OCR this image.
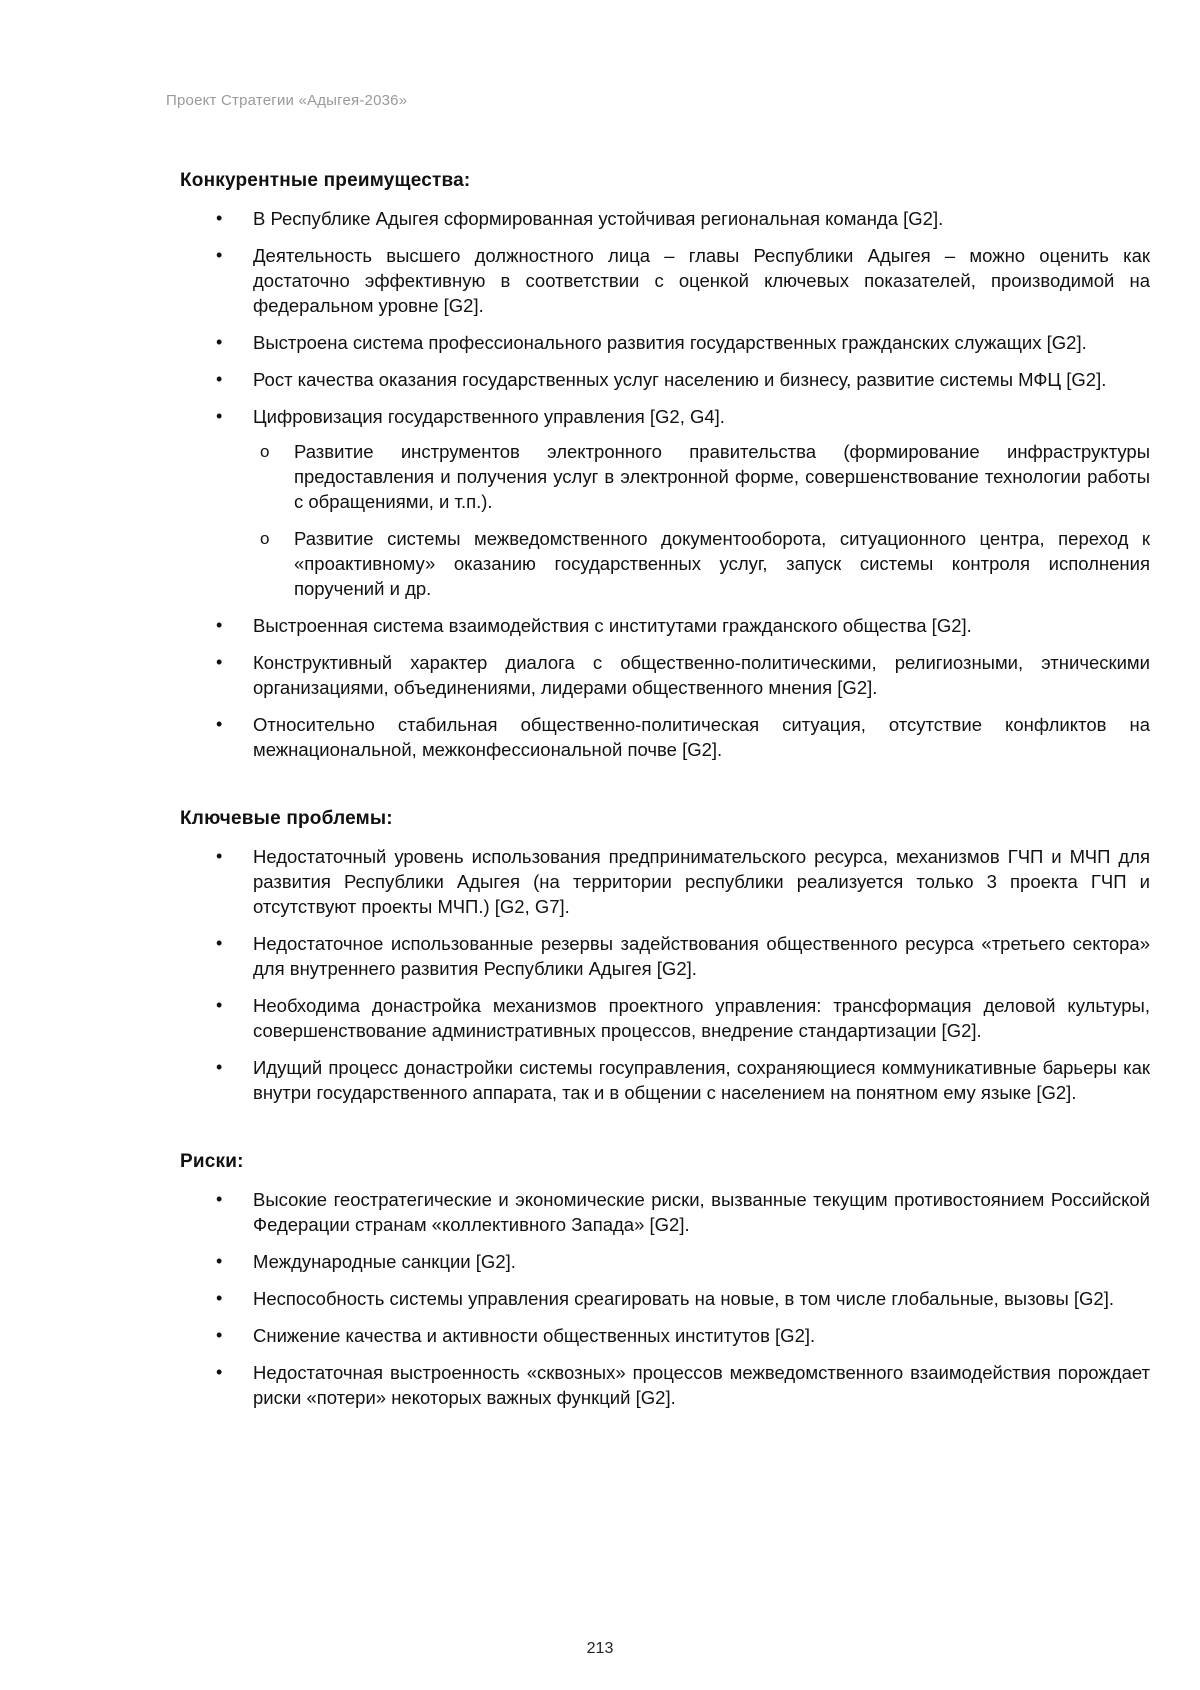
Проект Стратегии «Адыгея-2036»
Конкурентные преимущества:
• В Республике Адыгея сформированная устойчивая региональная команда [G2].
• Деятельность высшего должностного лица – главы Республики Адыгея – можно оценить как достаточно эффективную в соответствии с оценкой ключевых показателей, производимой на федеральном уровне [G2].
• Выстроена система профессионального развития государственных гражданских служащих [G2].
• Рост качества оказания государственных услуг населению и бизнесу, развитие системы МФЦ [G2].
• Цифровизация государственного управления [G2, G4].
o Развитие инструментов электронного правительства (формирование инфраструктуры предоставления и получения услуг в электронной форме, совершенствование технологии работы с обращениями, и т.п.).
o Развитие системы межведомственного документооборота, ситуационного центра, переход к «проактивному» оказанию государственных услуг, запуск системы контроля исполнения поручений и др.
• Выстроенная система взаимодействия с институтами гражданского общества [G2].
• Конструктивный характер диалога с общественно-политическими, религиозными, этническими организациями, объединениями, лидерами общественного мнения [G2].
• Относительно стабильная общественно-политическая ситуация, отсутствие конфликтов на межнациональной, межконфессиональной почве [G2].
Ключевые проблемы:
• Недостаточный уровень использования предпринимательского ресурса, механизмов ГЧП и МЧП для развития Республики Адыгея (на территории республики реализуется только 3 проекта ГЧП и отсутствуют проекты МЧП.) [G2, G7].
• Недостаточное использованные резервы задействования общественного ресурса «третьего сектора» для внутреннего развития Республики Адыгея [G2].
• Необходима донастройка механизмов проектного управления: трансформация деловой культуры, совершенствование административных процессов, внедрение стандартизации [G2].
• Идущий процесс донастройки системы госуправления, сохраняющиеся коммуникативные барьеры как внутри государственного аппарата, так и в общении с населением на понятном ему языке [G2].
Риски:
• Высокие геостратегические и экономические риски, вызванные текущим противостоянием Российской Федерации странам «коллективного Запада» [G2].
• Международные санкции [G2].
• Неспособность системы управления среагировать на новые, в том числе глобальные, вызовы [G2].
• Снижение качества и активности общественных институтов [G2].
• Недостаточная выстроенность «сквозных» процессов межведомственного взаимодействия порождает риски «потери» некоторых важных функций [G2].
213
